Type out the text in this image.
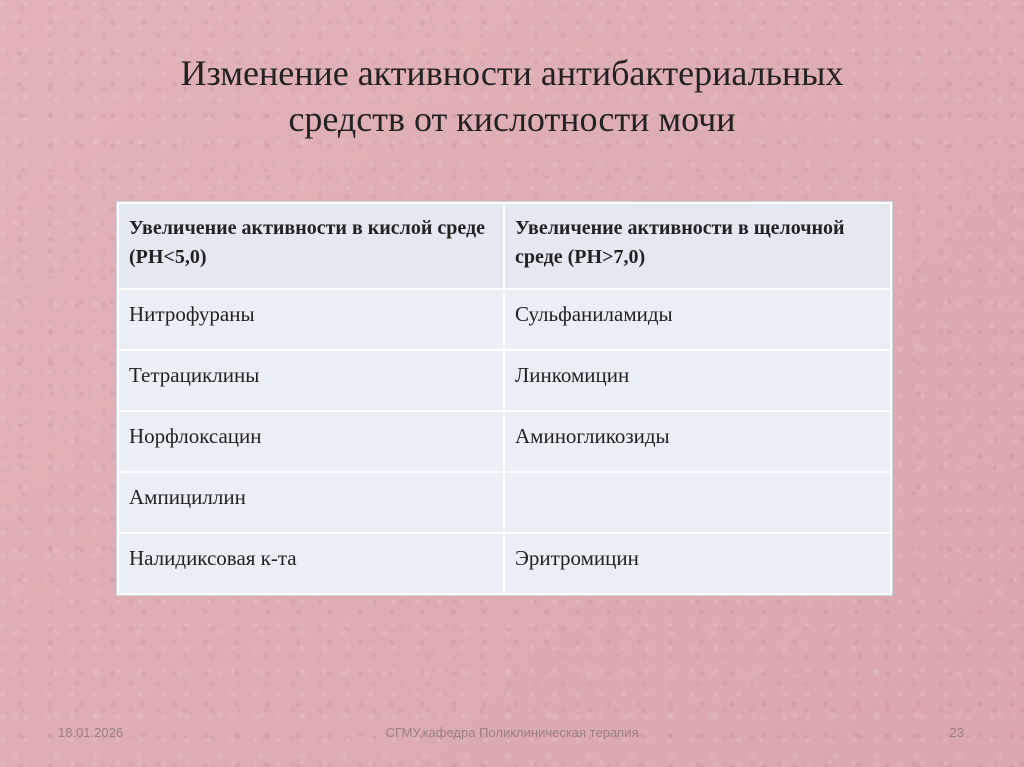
Изменение активности антибактериальных
средств от кислотности мочи
Увеличение активности в кислой среде (PH<5,0)	Увеличение активности в щелочной среде (PH>7,0)
Нитрофураны	Сульфаниламиды
Тетрациклины	Линкомицин
Норфлоксацин	Аминогликозиды
Ампициллин	
Налидиксовая к-та	Эритромицин
18.01.2026	СГМУ,кафедра Поликлиническая терапия	23
